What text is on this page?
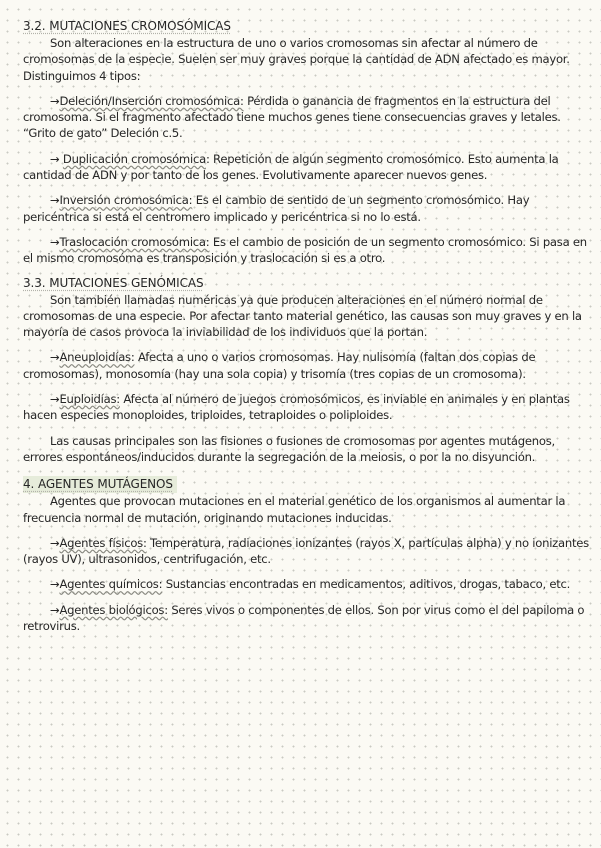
3.2. MUTACIONES CROMOSÓMICAS

Son alteraciones en la estructura de uno o varios cromosomas sin afectar al número de cromosomas de la especie. Suelen ser muy graves porque la cantidad de ADN afectado es mayor. Distinguimos 4 tipos:

→Deleción/Inserción cromosómica: Pérdida o ganancia de fragmentos en la estructura del cromosoma. Si el fragmento afectado tiene muchos genes tiene consecuencias graves y letales. “Grito de gato” Deleción c.5.

→ Duplicación cromosómica: Repetición de algún segmento cromosómico. Esto aumenta la cantidad de ADN y por tanto de los genes. Evolutivamente aparecer nuevos genes.

→Inversión cromosómica: Es el cambio de sentido de un segmento cromosómico. Hay pericéntrica si está el centromero implicado y pericéntrica si no lo está.

→Traslocación cromosómica: Es el cambio de posición de un segmento cromosómico. Si pasa en el mismo cromosóma es transposición y traslocación si es a otro.

3.3. MUTACIONES GENÓMICAS

Son también llamadas numéricas ya que producen alteraciones en el número normal de cromosomas de una especie. Por afectar tanto material genético, las causas son muy graves y en la mayoría de casos provoca la inviabilidad de los individuos que la portan.

→Aneuploidías: Afecta a uno o varios cromosomas. Hay nulisomía (faltan dos copias de cromosomas), monosomía (hay una sola copia) y trisomía (tres copias de un cromosoma).

→Euploidías: Afecta al número de juegos cromosómicos, es inviable en animales y en plantas hacen especies monoploides, triploides, tetraploides o poliploides.

Las causas principales son las fisiones o fusiones de cromosomas por agentes mutágenos, errores espontáneos/inducidos durante la segregación de la meiosis, o por la no disyunción.

4. AGENTES MUTÁGENOS

Agentes que provocan mutaciones en el material genético de los organismos al aumentar la frecuencia normal de mutación, originando mutaciones inducidas.

→Agentes físicos: Temperatura, radiaciones ionizantes (rayos X, partículas alpha) y no ionizantes (rayos UV), ultrasonidos, centrifugación, etc.

→Agentes químicos: Sustancias encontradas en medicamentos, aditivos, drogas, tabaco, etc.

→Agentes biológicos: Seres vivos o componentes de ellos. Son por virus como el del papiloma o retrovirus.
